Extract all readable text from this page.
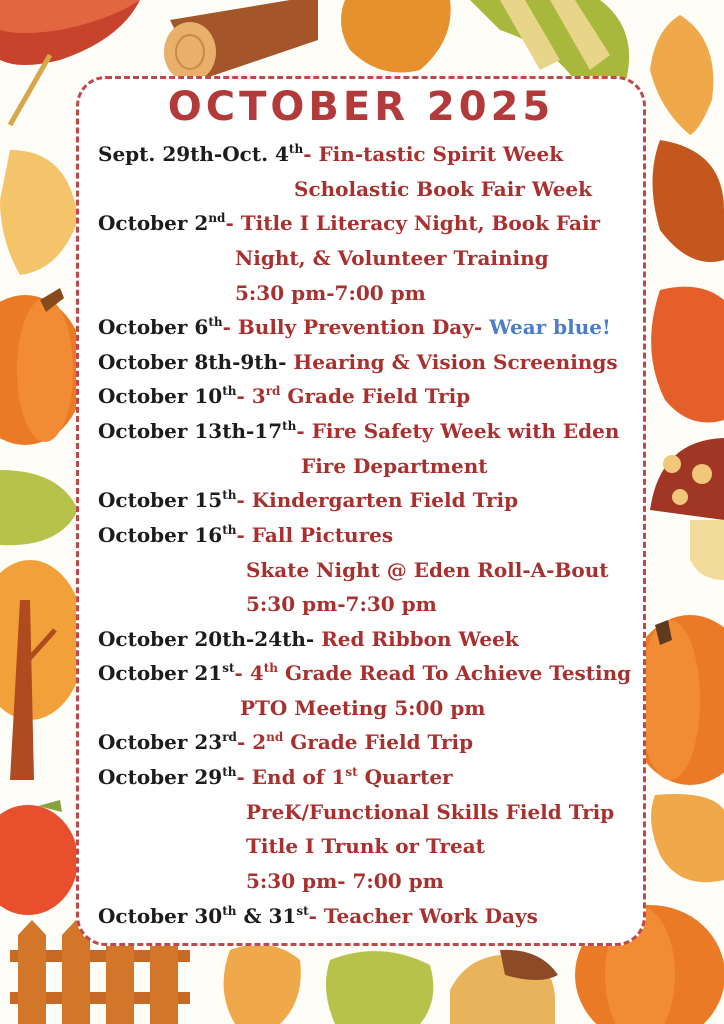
OCTOBER 2025
Sept. 29th-Oct. 4th- Fin-tastic Spirit Week
Scholastic Book Fair Week
October 2nd- Title I Literacy Night, Book Fair
Night, & Volunteer Training
5:30 pm-7:00 pm
October 6th- Bully Prevention Day- Wear blue!
October 8th-9th- Hearing & Vision Screenings
October 10th- 3rd Grade Field Trip
October 13th-17th- Fire Safety Week with Eden
Fire Department
October 15th- Kindergarten Field Trip
October 16th- Fall Pictures
Skate Night @ Eden Roll-A-Bout
5:30 pm-7:30 pm
October 20th-24th- Red Ribbon Week
October 21st- 4th Grade Read To Achieve Testing
PTO Meeting 5:00 pm
October 23rd- 2nd Grade Field Trip
October 29th- End of 1st Quarter
PreK/Functional Skills Field Trip
Title I Trunk or Treat
5:30 pm- 7:00 pm
October 30th & 31st- Teacher Work Days
